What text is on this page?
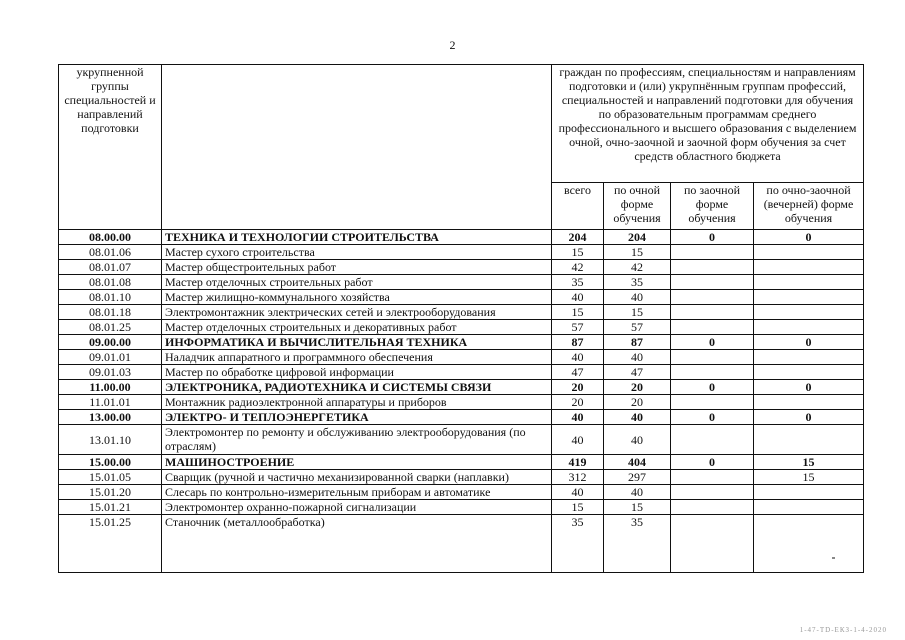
2
укрупненной группы специальностей и направлений подготовки		граждан по профессиям, специальностям и направлениям подготовки и (или) укрупнённым группам профессий, специальностей и направлений подготовки для обучения по образовательным программам среднего профессионального и высшего образования с выделением очной, очно-заочной и заочной форм обучения за счет средств областного бюджета			
		всего	по очной форме обучения	по заочной форме обучения	по очно-заочной (вечерней) форме обучения
08.00.00	ТЕХНИКА И ТЕХНОЛОГИИ СТРОИТЕЛЬСТВА	204	204	0	0
08.01.06	Мастер сухого строительства	15	15		
08.01.07	Мастер общестроительных работ	42	42		
08.01.08	Мастер отделочных строительных работ	35	35		
08.01.10	Мастер жилищно-коммунального хозяйства	40	40		
08.01.18	Электромонтажник электрических сетей и электрооборудования	15	15		
08.01.25	Мастер отделочных строительных и декоративных работ	57	57		
09.00.00	ИНФОРМАТИКА И ВЫЧИСЛИТЕЛЬНАЯ ТЕХНИКА	87	87	0	0
09.01.01	Наладчик аппаратного и программного обеспечения	40	40		
09.01.03	Мастер по обработке цифровой информации	47	47		
11.00.00	ЭЛЕКТРОНИКА, РАДИОТЕХНИКА И СИСТЕМЫ СВЯЗИ	20	20	0	0
11.01.01	Монтажник радиоэлектронной аппаратуры и приборов	20	20		
13.00.00	ЭЛЕКТРО- И ТЕПЛОЭНЕРГЕТИКА	40	40	0	0
13.01.10	Электромонтер по ремонту и обслуживанию электрооборудования (по отраслям)	40	40		
15.00.00	МАШИНОСТРОЕНИЕ	419	404	0	15
15.01.05	Сварщик (ручной и частично механизированной сварки (наплавки)	312	297		15
15.01.20	Слесарь по контрольно-измерительным приборам и автоматике	40	40		
15.01.21	Электромонтер охранно-пожарной сигнализации	15	15		
15.01.25	Станочник (металлообработка)	35	35		
1-47-TD-ЕКЗ-1-4-2020
